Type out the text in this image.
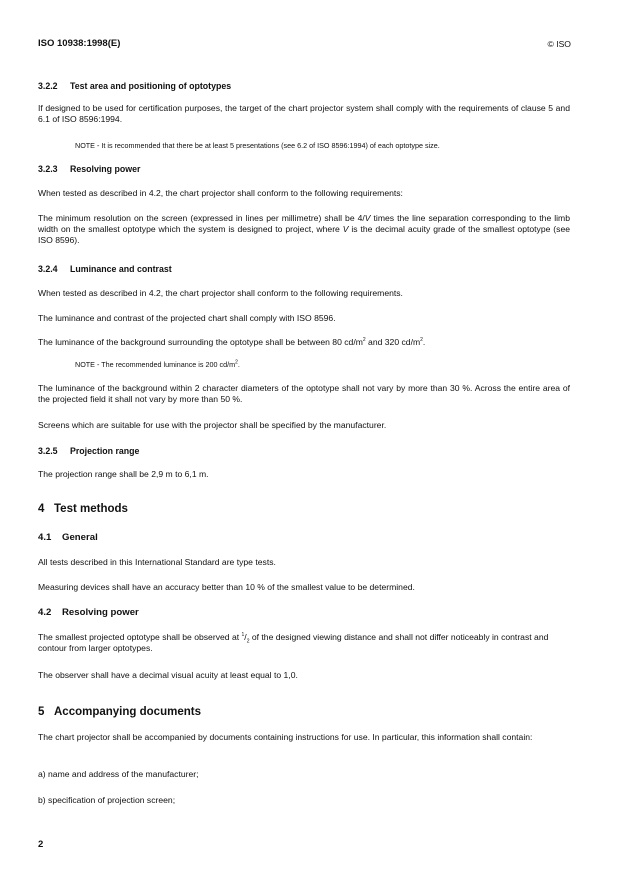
ISO 10938:1998(E)	© ISO
3.2.2 Test area and positioning of optotypes
If designed to be used for certification purposes, the target of the chart projector system shall comply with the requirements of clause 5 and 6.1 of ISO 8596:1994.
NOTE - It is recommended that there be at least 5 presentations (see 6.2 of ISO 8596:1994) of each optotype size.
3.2.3 Resolving power
When tested as described in 4.2, the chart projector shall conform to the following requirements:
The minimum resolution on the screen (expressed in lines per millimetre) shall be 4/V times the line separation corresponding to the limb width on the smallest optotype which the system is designed to project, where V is the decimal acuity grade of the smallest optotype (see ISO 8596).
3.2.4 Luminance and contrast
When tested as described in 4.2, the chart projector shall conform to the following requirements.
The luminance and contrast of the projected chart shall comply with ISO 8596.
The luminance of the background surrounding the optotype shall be between 80 $cd/m^2$ and 320 $cd/m^2$.
NOTE - The recommended luminance is 200 $cd/m^2$.
The luminance of the background within 2 character diameters of the optotype shall not vary by more than 30 %. Across the entire area of the projected field it shall not vary by more than 50 %.
Screens which are suitable for use with the projector shall be specified by the manufacturer.
3.2.5 Projection range
The projection range shall be 2,9 m to 6,1 m.
4 Test methods
4.1 General
All tests described in this International Standard are type tests.
Measuring devices shall have an accuracy better than 10 % of the smallest value to be determined.
4.2 Resolving power
The smallest projected optotype shall be observed at $^1/_2$ of the designed viewing distance and shall not differ noticeably in contrast and contour from larger optotypes.
The observer shall have a decimal visual acuity at least equal to 1,0.
5 Accompanying documents
The chart projector shall be accompanied by documents containing instructions for use. In particular, this information shall contain:
a) name and address of the manufacturer;
b) specification of projection screen;
2
